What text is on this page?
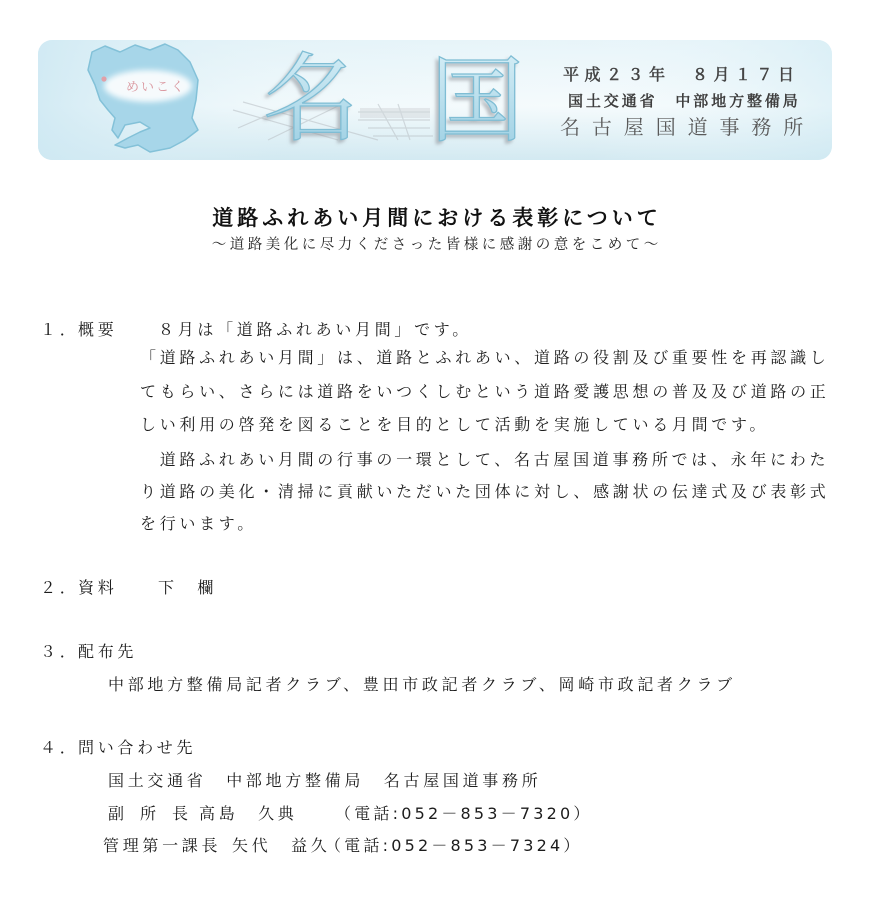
めいこく 名 国 平成２３年　８月１７日
国土交通省　中部地方整備局
名古屋国道事務所
道路ふれあい月間における表彰について
～道路美化に尽力くださった皆様に感謝の意をこめて～
１．
概要	８月は「道路ふれあい月間」です。
「道路ふれあい月間」は、道路とふれあい、道路の役割及び重要性を再認識し
てもらい、さらには道路をいつくしむという道路愛護思想の普及及び道路の正
しい利用の啓発を図ることを目的として活動を実施している月間です。
　道路ふれあい月間の行事の一環として、名古屋国道事務所では、永年にわた
り道路の美化・清掃に貢献いただいた団体に対し、感謝状の伝達式及び表彰式
を行います。
２．
資料	下　欄
３．
配布先
中部地方整備局記者クラブ、豊田市政記者クラブ、岡崎市政記者クラブ
４．
問い合わせ先
国土交通省　中部地方整備局　名古屋国道事務所
副 所 長 高島　久典 （電話:052－853－7320）
管理第一課長 矢代　益久
（電話:052－853－7324）
